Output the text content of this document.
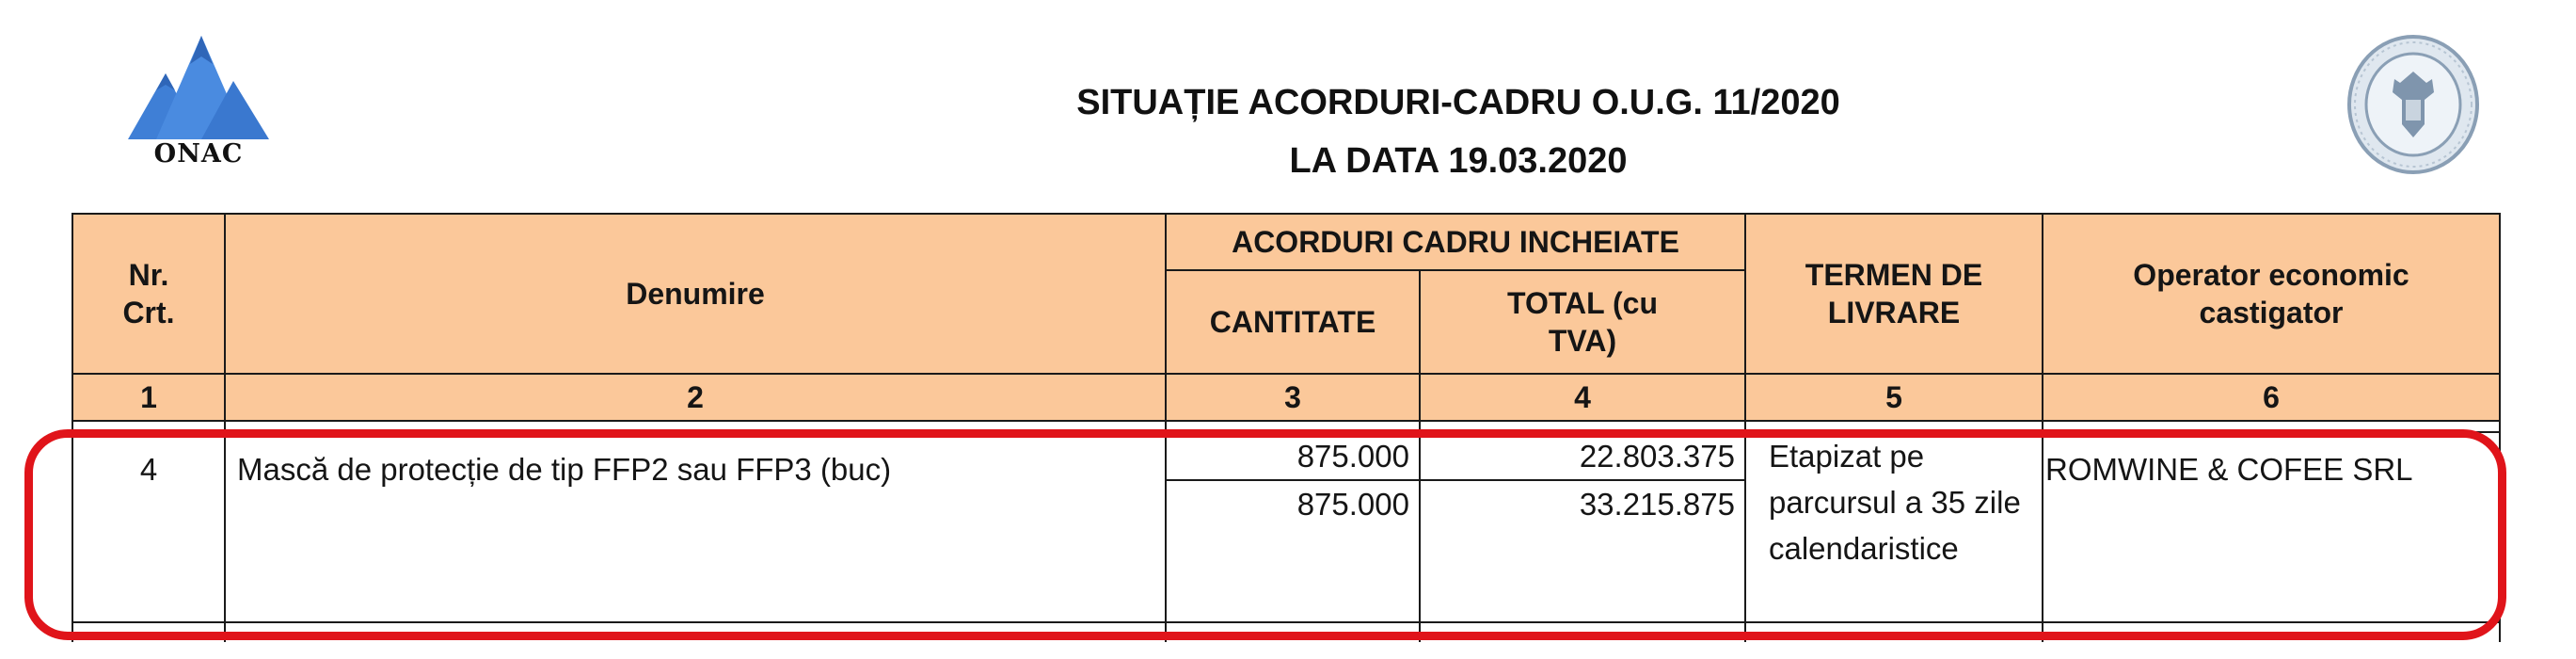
ONAC
SITUAȚIE ACORDURI-CADRU O.U.G. 11/2020
LA DATA 19.03.2020
Nr. Crt.	Denumire	ACORDURI CADRU INCHEIATE		TERMEN DE LIVRARE	Operator economic castigator

		CANTITATE	TOTAL (cu TVA)		

1	2	3	4	5	6

4	Mască de protecție de tip FFP2 sau FFP3 (buc)	875.000	22.803.375	Etapizat pe parcursul a 35 zile calendaristice	ROMWINE & COFEE SRL
		875.000	33.215.875		
